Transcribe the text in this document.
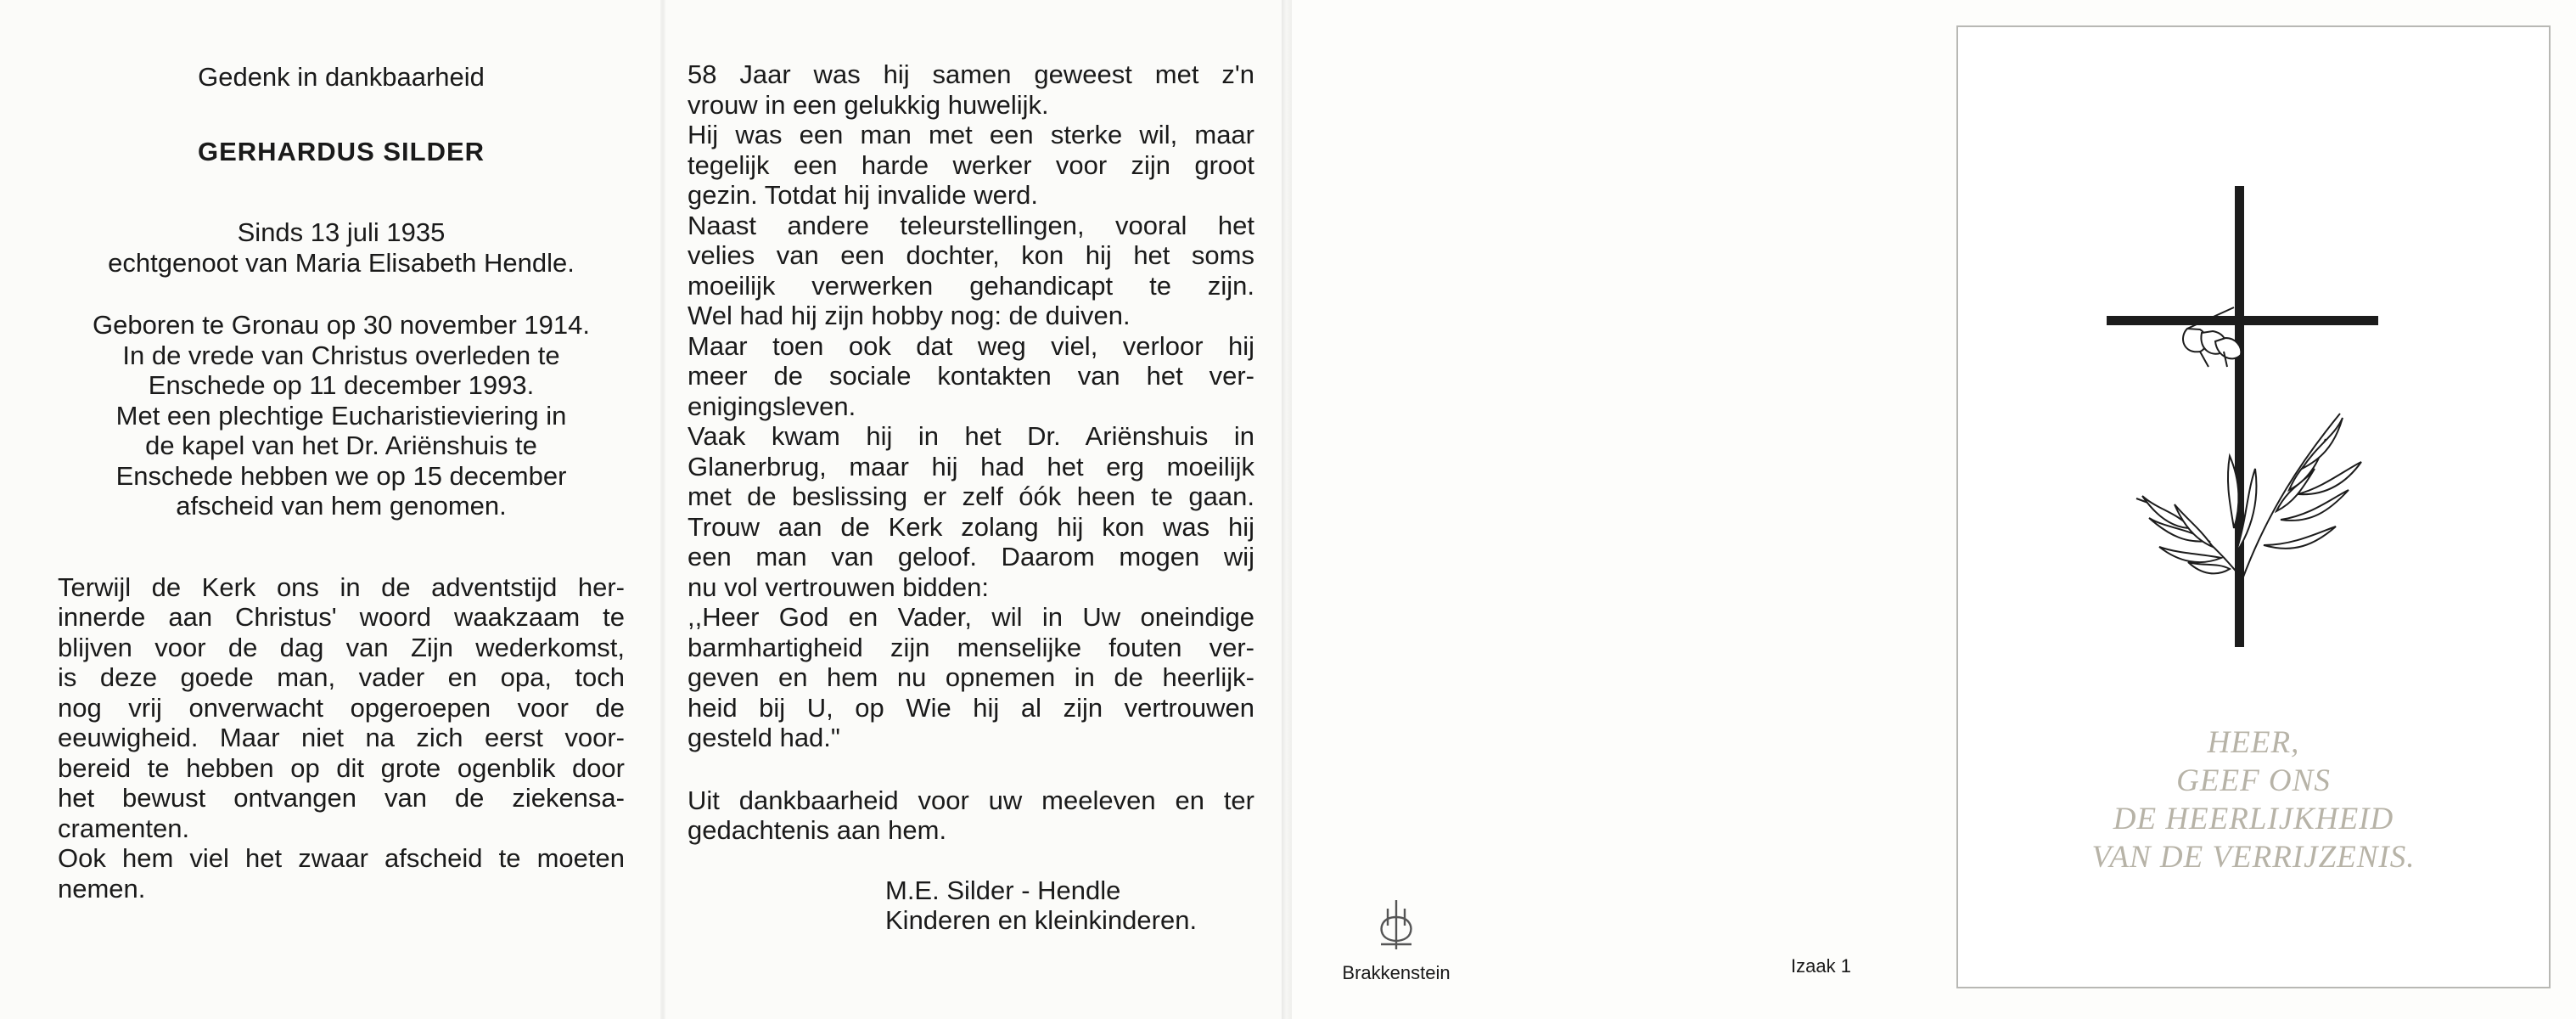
Gedenk in dankbaarheid
GERHARDUS SILDER
Sinds 13 juli 1935
echtgenoot van Maria Elisabeth Hendle.
Geboren te Gronau op 30 november 1914.
In de vrede van Christus overleden te
Enschede op 11 december 1993.
Met een plechtige Eucharistieviering in
de kapel van het Dr. Ariënshuis te
Enschede hebben we op 15 december
afscheid van hem genomen.
Terwijl de Kerk ons in de adventstijd her-
innerde aan Christus' woord waakzaam te
blijven voor de dag van Zijn wederkomst,
is deze goede man, vader en opa, toch
nog vrij onverwacht opgeroepen voor de
eeuwigheid. Maar niet na zich eerst voor-
bereid te hebben op dit grote ogenblik door
het bewust ontvangen van de ziekensa-
cramenten.
Ook hem viel het zwaar afscheid te moeten
nemen.
58 Jaar was hij samen geweest met z'n
vrouw in een gelukkig huwelijk.
Hij was een man met een sterke wil, maar
tegelijk een harde werker voor zijn groot
gezin. Totdat hij invalide werd.
Naast andere teleurstellingen, vooral het
velies van een dochter, kon hij het soms
moeilijk verwerken gehandicapt te zijn.
Wel had hij zijn hobby nog: de duiven.
Maar toen ook dat weg viel, verloor hij
meer de sociale kontakten van het ver-
enigingsleven.
Vaak kwam hij in het Dr. Ariënshuis in
Glanerbrug, maar hij had het erg moeilijk
met de beslissing er zelf óók heen te gaan.
Trouw aan de Kerk zolang hij kon was hij
een man van geloof. Daarom mogen wij
nu vol vertrouwen bidden:
,,Heer God en Vader, wil in Uw oneindige
barmhartigheid zijn menselijke fouten ver-
geven en hem nu opnemen in de heerlijk-
heid bij U, op Wie hij al zijn vertrouwen
gesteld had."
Uit dankbaarheid voor uw meeleven en ter
gedachtenis aan hem.
M.E. Silder - Hendle
Kinderen en kleinkinderen.
Brakkenstein	Izaak 1
HEER,
GEEF ONS
DE HEERLIJKHEID
VAN DE VERRIJZENIS.
